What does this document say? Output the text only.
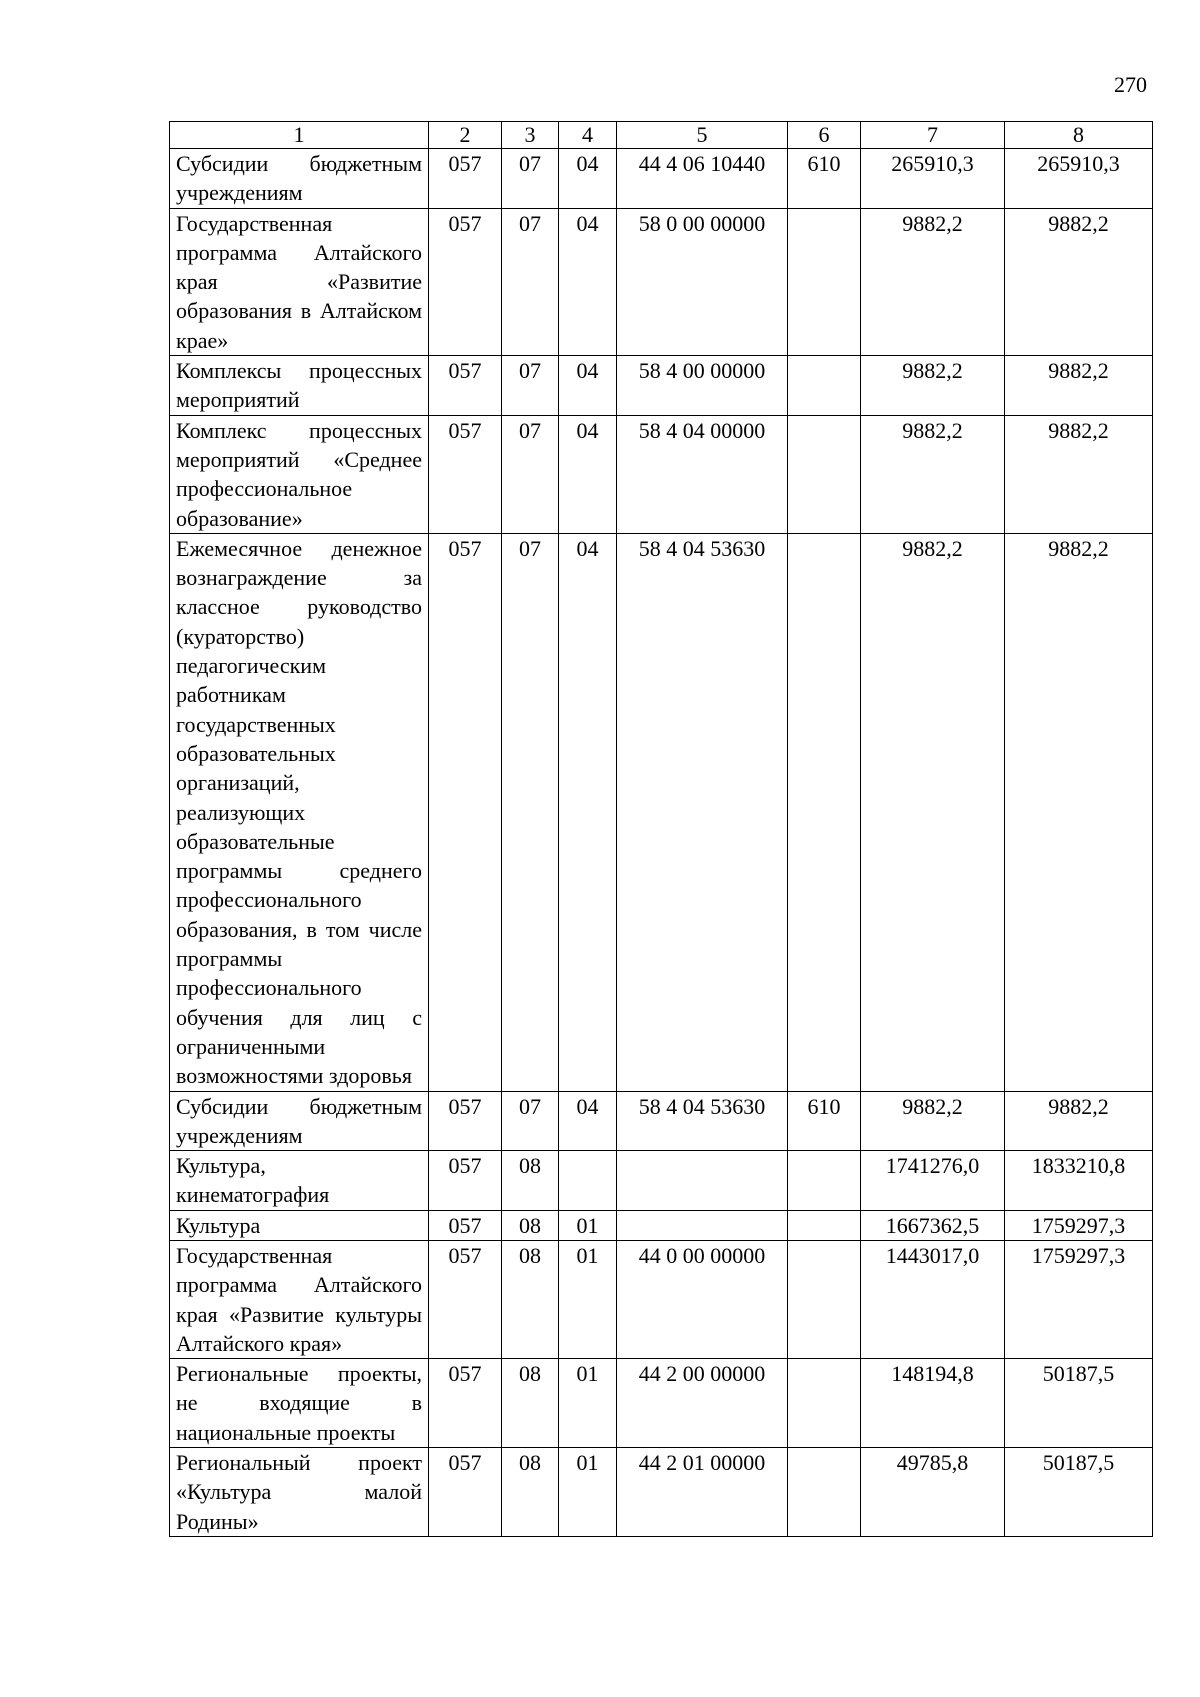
270
1	2	3	4	5	6	7	8
Субсидии бюджетным учреждениям	057	07	04	44 4 06 10440	610	265910,3	265910,3
Государственная программа Алтайского края «Развитие образования в Алтайском крае»	057	07	04	58 0 00 00000		9882,2	9882,2
Комплексы процессных мероприятий	057	07	04	58 4 00 00000		9882,2	9882,2
Комплекс процессных мероприятий «Среднее профессиональное образование»	057	07	04	58 4 04 00000		9882,2	9882,2
Ежемесячное денежное вознаграждение за классное руководство (кураторство) педагогическим работникам государственных образовательных организаций, реализующих образовательные программы среднего профессионального образования, в том числе программы профессионального обучения для лиц с ограниченными возможностями здоровья	057	07	04	58 4 04 53630		9882,2	9882,2
Субсидии бюджетным учреждениям	057	07	04	58 4 04 53630	610	9882,2	9882,2
Культура, кинематография	057	08				1741276,0	1833210,8
Культура	057	08	01			1667362,5	1759297,3
Государственная программа Алтайского края «Развитие культуры Алтайского края»	057	08	01	44 0 00 00000		1443017,0	1759297,3
Региональные проекты, не входящие в национальные проекты	057	08	01	44 2 00 00000		148194,8	50187,5
Региональный проект «Культура малой Родины»	057	08	01	44 2 01 00000		49785,8	50187,5
